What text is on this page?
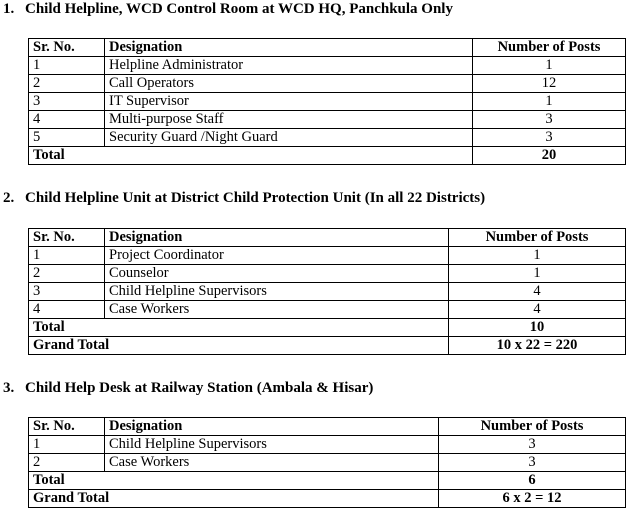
1. Child Helpline, WCD Control Room at WCD HQ, Panchkula Only
Sr. No.	Designation	Number of Posts
1	Helpline Administrator	1
2	Call Operators	12
3	IT Supervisor	1
4	Multi-purpose Staff	3
5	Security Guard /Night Guard	3
Total		20
2. Child Helpline Unit at District Child Protection Unit (In all 22 Districts)
Sr. No.	Designation	Number of Posts
1	Project Coordinator	1
2	Counselor	1
3	Child Helpline Supervisors	4
4	Case Workers	4
Total		10
Grand Total		10 x 22 = 220
3. Child Help Desk at Railway Station (Ambala & Hisar)
Sr. No.	Designation	Number of Posts
1	Child Helpline Supervisors	3
2	Case Workers	3
Total		6
Grand Total		6 x 2 = 12
